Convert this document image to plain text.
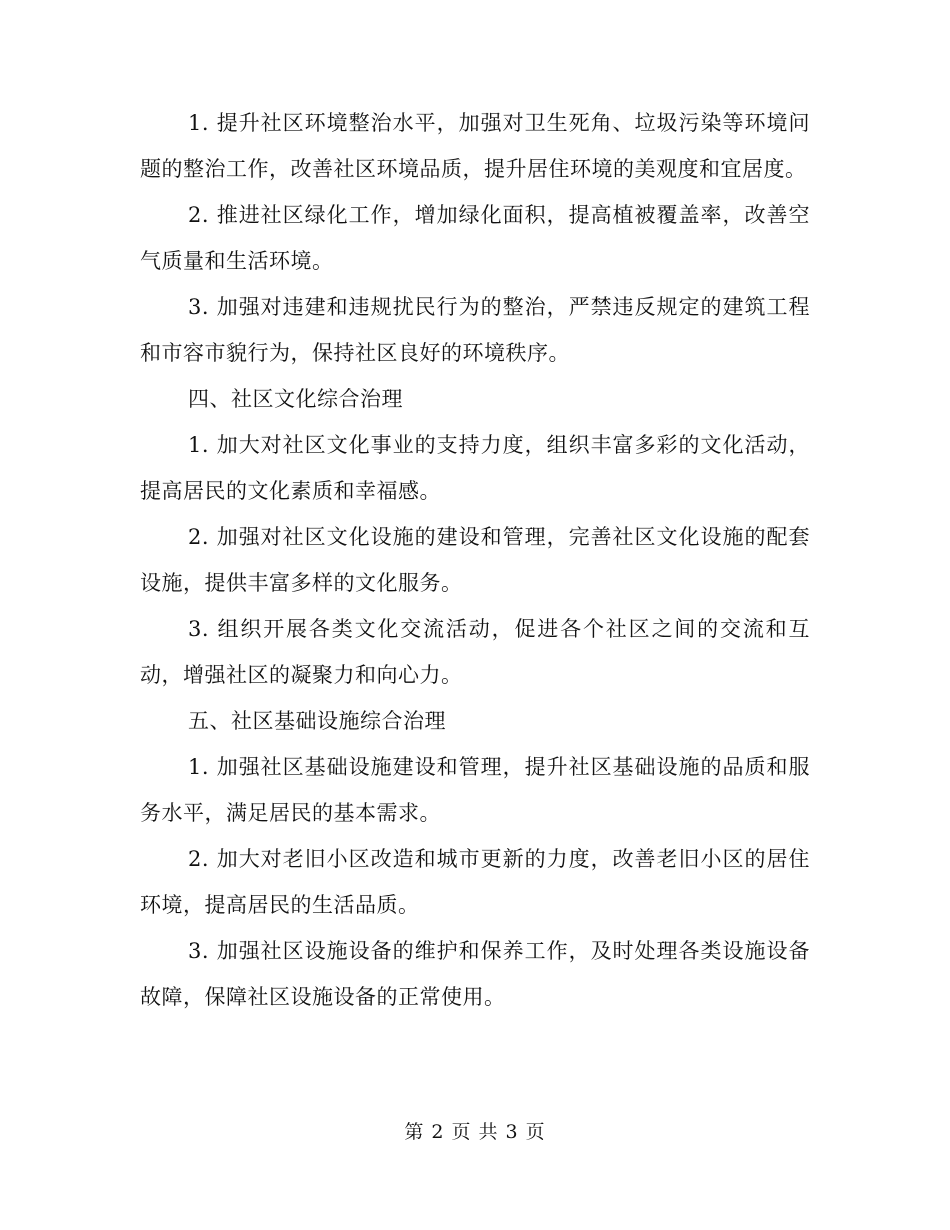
1. 提升社区环境整治水平，加强对卫生死角、垃圾污染等环境问题的整治工作，改善社区环境品质，提升居住环境的美观度和宜居度。

2. 推进社区绿化工作，增加绿化面积，提高植被覆盖率，改善空气质量和生活环境。

3. 加强对违建和违规扰民行为的整治，严禁违反规定的建筑工程和市容市貌行为，保持社区良好的环境秩序。

四、社区文化综合治理

1. 加大对社区文化事业的支持力度，组织丰富多彩的文化活动，提高居民的文化素质和幸福感。

2. 加强对社区文化设施的建设和管理，完善社区文化设施的配套设施，提供丰富多样的文化服务。

3. 组织开展各类文化交流活动，促进各个社区之间的交流和互动，增强社区的凝聚力和向心力。

五、社区基础设施综合治理

1. 加强社区基础设施建设和管理，提升社区基础设施的品质和服务水平，满足居民的基本需求。

2. 加大对老旧小区改造和城市更新的力度，改善老旧小区的居住环境，提高居民的生活品质。

3. 加强社区设施设备的维护和保养工作，及时处理各类设施设备故障，保障社区设施设备的正常使用。

第 2 页 共 3 页
